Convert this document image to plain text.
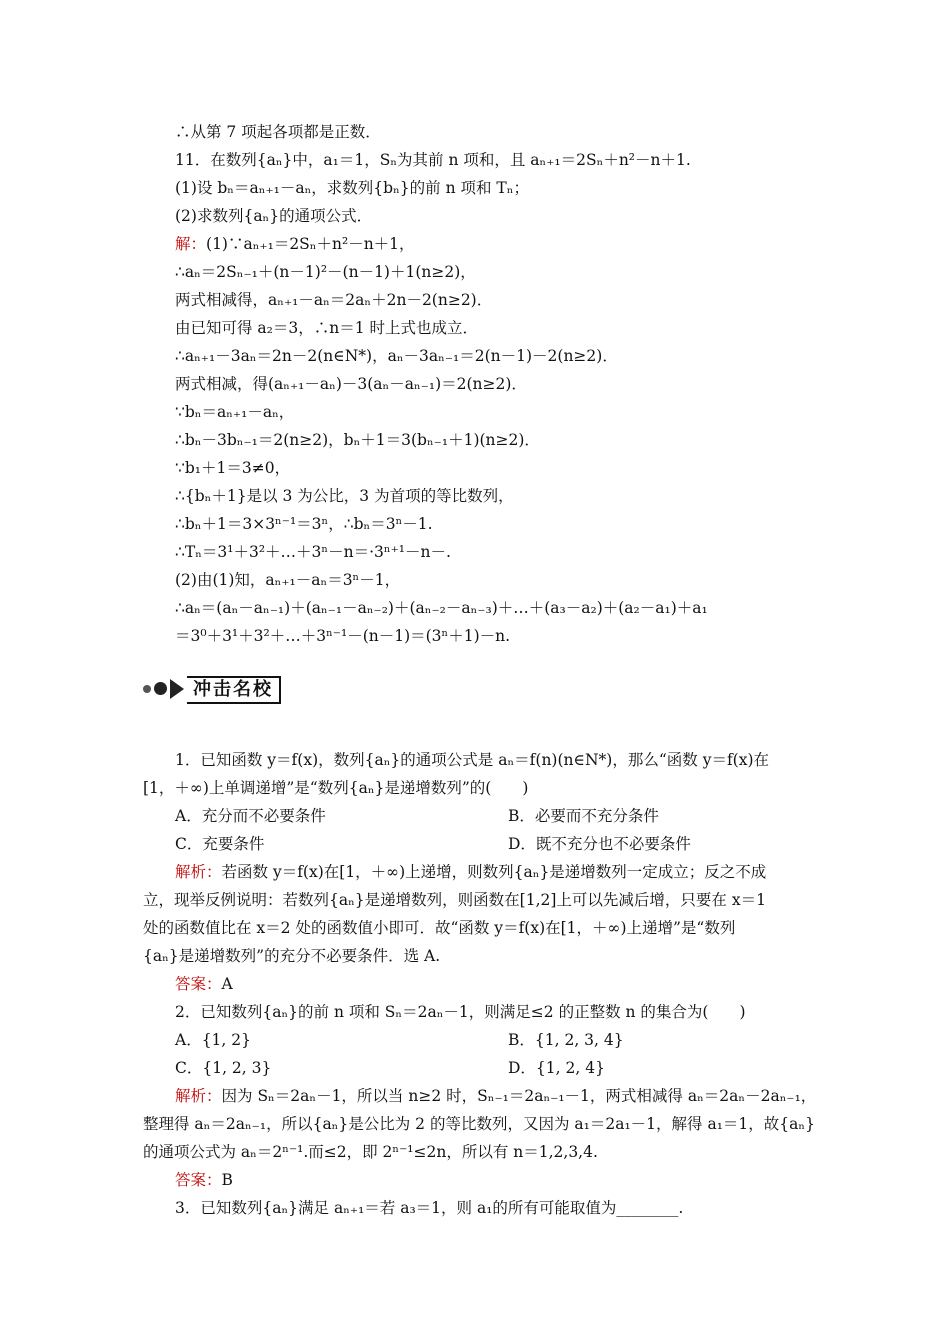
∴从第 7 项起各项都是正数．
11．在数列{aₙ}中，a₁＝1，Sₙ为其前 n 项和，且 aₙ₊₁＝2Sₙ＋n²－n＋1.
(1)设 bₙ＝aₙ₊₁－aₙ，求数列{bₙ}的前 n 项和 Tₙ；
(2)求数列{aₙ}的通项公式．
解：(1)∵aₙ₊₁＝2Sₙ＋n²－n＋1，
∴aₙ＝2Sₙ₋₁＋(n－1)²－(n－1)＋1(n≥2)，
两式相减得，aₙ₊₁－aₙ＝2aₙ＋2n－2(n≥2)．
由已知可得 a₂＝3，∴n＝1 时上式也成立．
∴aₙ₊₁－3aₙ＝2n－2(n∈N*)，aₙ－3aₙ₋₁＝2(n－1)－2(n≥2)．
两式相减，得(aₙ₊₁－aₙ)－3(aₙ－aₙ₋₁)＝2(n≥2)．
∵bₙ＝aₙ₊₁－aₙ，
∴bₙ－3bₙ₋₁＝2(n≥2)，bₙ＋1＝3(bₙ₋₁＋1)(n≥2)．
∵b₁＋1＝3≠0，
∴{bₙ＋1}是以 3 为公比，3 为首项的等比数列，
∴bₙ＋1＝3×3ⁿ⁻¹＝3ⁿ，∴bₙ＝3ⁿ－1.
∴Tₙ＝3¹＋3²＋…＋3ⁿ－n＝·3ⁿ⁺¹－n－.
(2)由(1)知，aₙ₊₁－aₙ＝3ⁿ－1，
∴aₙ＝(aₙ－aₙ₋₁)＋(aₙ₋₁－aₙ₋₂)＋(aₙ₋₂－aₙ₋₃)＋…＋(a₃－a₂)＋(a₂－a₁)＋a₁
＝3⁰＋3¹＋3²＋…＋3ⁿ⁻¹－(n－1)＝(3ⁿ＋1)－n.
冲击名校
1．已知函数 y＝f(x)，数列{aₙ}的通项公式是 aₙ＝f(n)(n∈N*)，那么“函数 y＝f(x)在
[1，＋∞)上单调递增”是“数列{aₙ}是递增数列”的(　　)
A．充分而不必要条件	B．必要而不充分条件
C．充要条件	D．既不充分也不必要条件
解析：若函数 y＝f(x)在[1，＋∞)上递增，则数列{aₙ}是递增数列一定成立；反之不成
立，现举反例说明：若数列{aₙ}是递增数列，则函数在[1,2]上可以先减后增，只要在 x＝1
处的函数值比在 x＝2 处的函数值小即可．故“函数 y＝f(x)在[1，＋∞)上递增”是“数列
{aₙ}是递增数列”的充分不必要条件．选 A.
答案：A
2．已知数列{aₙ}的前 n 项和 Sₙ＝2aₙ－1，则满足≤2 的正整数 n 的集合为(　　)
A．{1, 2}	B．{1, 2, 3, 4}
C．{1, 2, 3}	D．{1, 2, 4}
解析：因为 Sₙ＝2aₙ－1，所以当 n≥2 时，Sₙ₋₁＝2aₙ₋₁－1，两式相减得 aₙ＝2aₙ－2aₙ₋₁，
整理得 aₙ＝2aₙ₋₁，所以{aₙ}是公比为 2 的等比数列，又因为 a₁＝2a₁－1，解得 a₁＝1，故{aₙ}
的通项公式为 aₙ＝2ⁿ⁻¹.而≤2，即 2ⁿ⁻¹≤2n，所以有 n＝1,2,3,4.
答案：B
3．已知数列{aₙ}满足 aₙ₊₁＝若 a₃＝1，则 a₁的所有可能取值为________.
